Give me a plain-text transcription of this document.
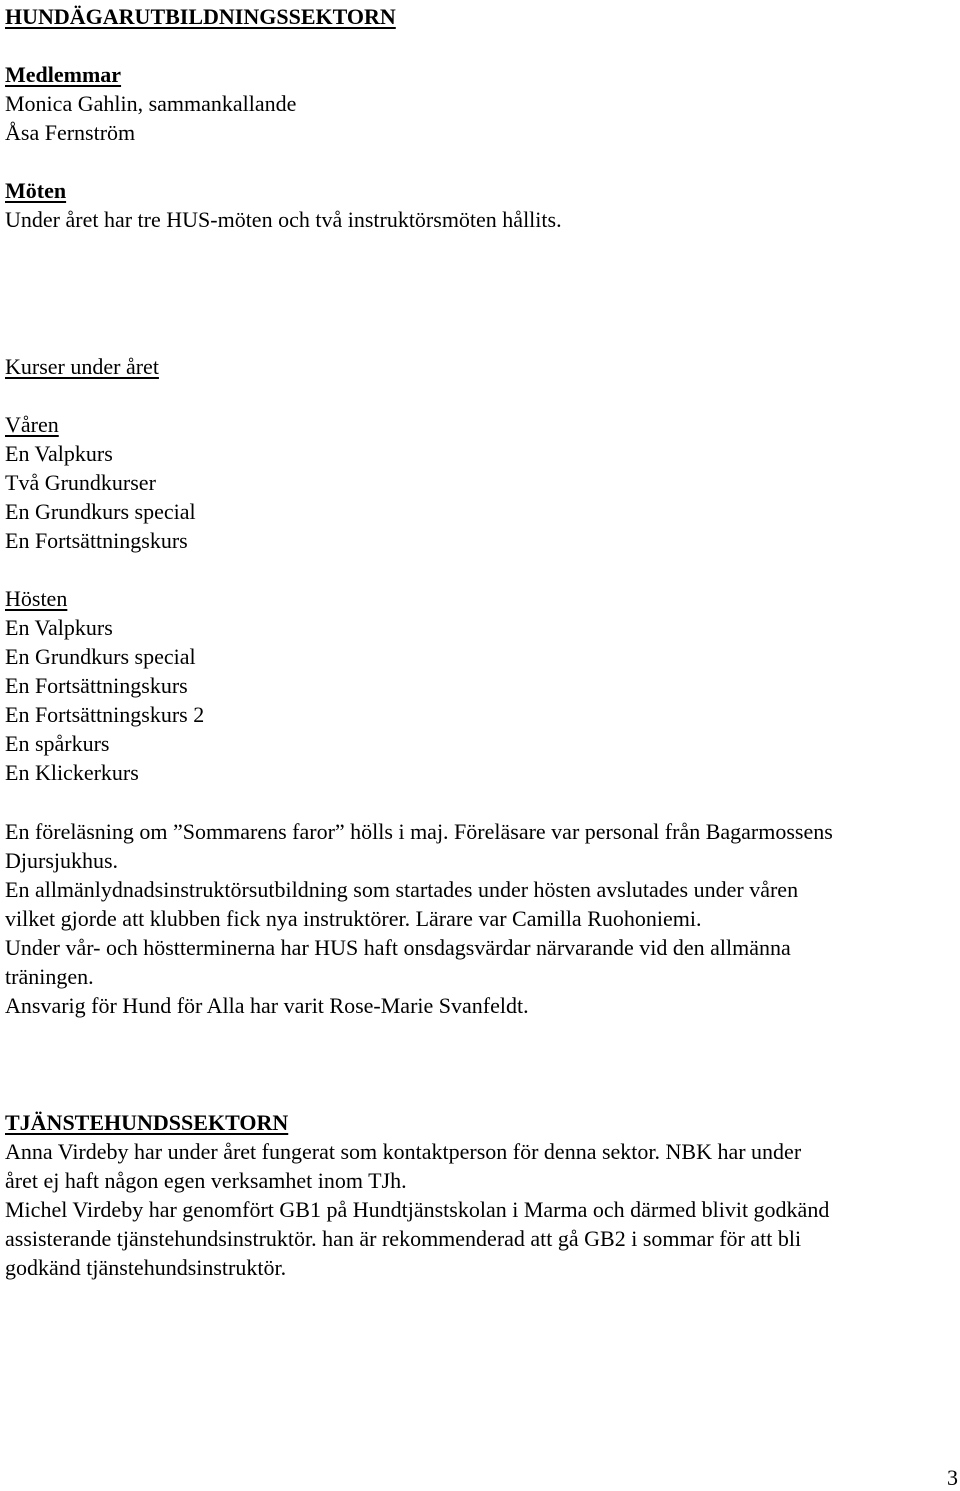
HUNDÄGARUTBILDNINGSSEKTORN
Medlemmar
Monica Gahlin, sammankallande
Åsa Fernström
Möten
Under året har tre HUS-möten och två instruktörsmöten hållits.
Kurser under året
Våren
En Valpkurs
Två Grundkurser
En Grundkurs special
En Fortsättningskurs
Hösten
En Valpkurs
En Grundkurs special
En Fortsättningskurs
En Fortsättningskurs 2
En spårkurs
En Klickerkurs
En föreläsning om ”Sommarens faror” hölls i maj. Föreläsare var personal från Bagarmossens
Djursjukhus.
En allmänlydnadsinstruktörsutbildning som startades under hösten avslutades under våren
vilket gjorde att klubben fick nya instruktörer. Lärare var Camilla Ruohoniemi.
Under vår- och höstterminerna har HUS haft onsdagsvärdar närvarande vid den allmänna
träningen.
Ansvarig för Hund för Alla har varit Rose-Marie Svanfeldt.
TJÄNSTEHUNDSSEKTORN
Anna Virdeby har under året fungerat som kontaktperson för denna sektor. NBK har under
året ej haft någon egen verksamhet inom TJh.
Michel Virdeby har genomfört GB1 på Hundtjänstskolan i Marma och därmed blivit godkänd
assisterande tjänstehundsinstruktör. han är rekommenderad att gå GB2 i sommar för att bli
godkänd tjänstehundsinstruktör.
3
